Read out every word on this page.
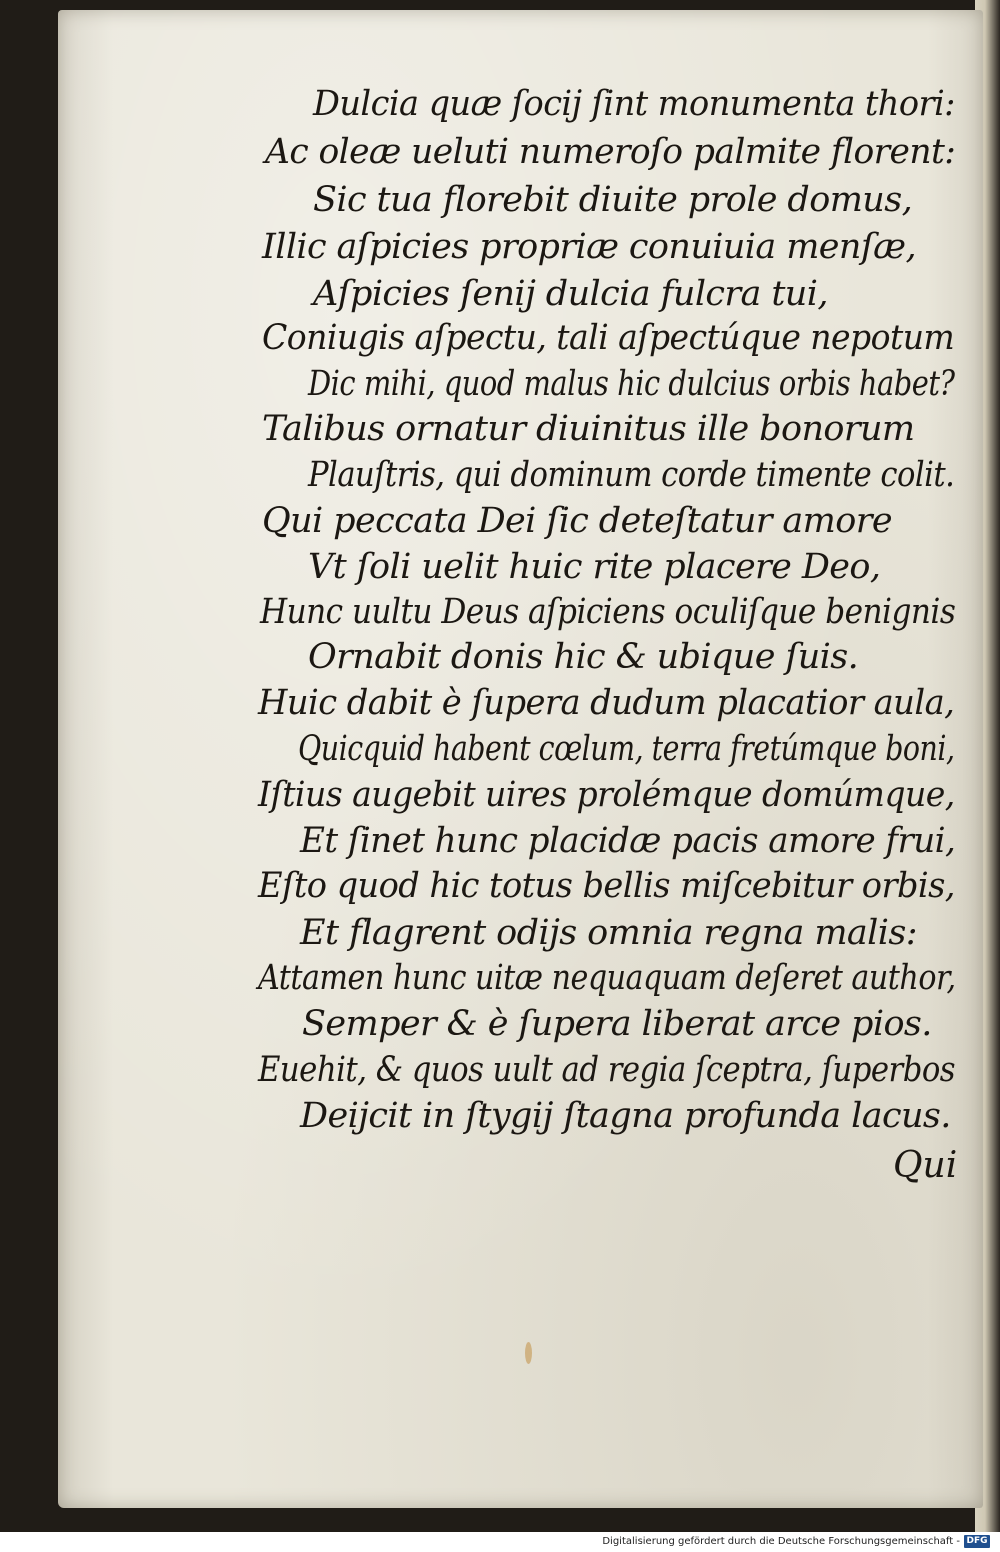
Dulcia quæ ſocij ſint monumenta thori:
Ac oleæ ueluti numeroſo palmite florent:
Sic tua florebit diuite prole domus,
Illic aſpicies propriæ conuiuia menſæ,
Aſpicies ſenij dulcia fulcra tui,
Coniugis aſpectu, tali aſpectúque nepotum
Dic mihi, quod malus hic dulcius orbis habet?
Talibus ornatur diuinitus ille bonorum
Plauſtris, qui dominum corde timente colit.
Qui peccata Dei ſic deteſtatur amore
Vt ſoli uelit huic rite placere Deo,
Hunc uultu Deus aſpiciens oculiſque benignis
Ornabit donis hic & ubique ſuis.
Huic dabit è ſupera dudum placatior aula,
Quicquid habent cœlum, terra fretúmque boni,
Iſtius augebit uires prolémque domúmque,
Et ſinet hunc placidæ pacis amore frui,
Eſto quod hic totus bellis miſcebitur orbis,
Et flagrent odijs omnia regna malis:
Attamen hunc uitæ nequaquam deſeret author,
Semper & è ſupera liberat arce pios.
Euehit, & quos uult ad regia ſceptra, ſuperbos
Deijcit in ſtygij ſtagna profunda lacus.
Qui
Digitalisierung gefördert durch die Deutsche Forschungsgemeinschaft - DFG
